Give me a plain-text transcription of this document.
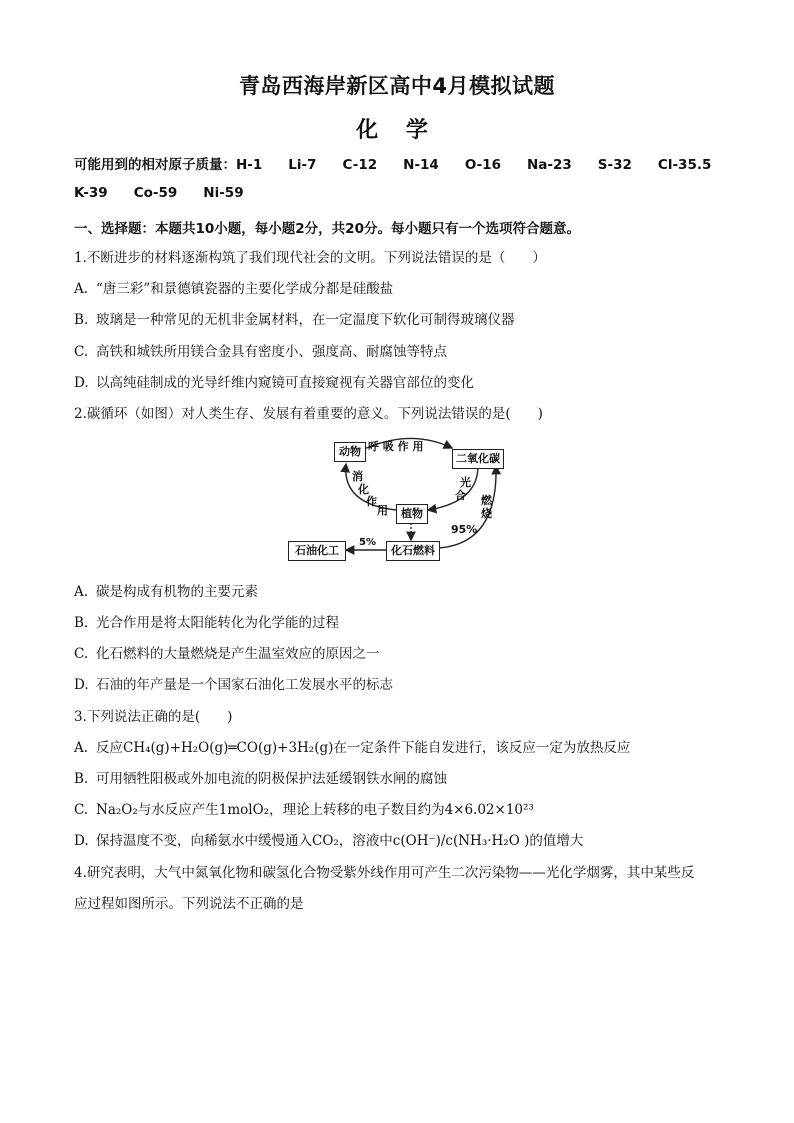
青岛西海岸新区高中4月模拟试题
化 学
可能用到的相对原子质量：H-1 Li-7 C-12 N-14 O-16 Na-23 S-32 Cl-35.5
K-39 Co-59 Ni-59
一、选择题：本题共10小题，每小题2分，共20分。每小题只有一个选项符合题意。
1.不断进步的材料逐渐构筑了我们现代社会的文明。下列说法错误的是（　　）
A. “唐三彩”和景德镇瓷器的主要化学成分都是硅酸盐
B. 玻璃是一种常见的无机非金属材料，在一定温度下软化可制得玻璃仪器
C. 高铁和城铁所用镁合金具有密度小、强度高、耐腐蚀等特点
D. 以高纯硅制成的光导纤维内窥镜可直接窥视有关器官部位的变化
2.碳循环（如图）对人类生存、发展有着重要的意义。下列说法错误的是(　　)
动物
二氧化碳
植物
化石燃料
石油化工
呼 吸 作 用
消
化
作
用
光
合 燃
烧
95%
5%
A. 碳是构成有机物的主要元素
B. 光合作用是将太阳能转化为化学能的过程
C. 化石燃料的大量燃烧是产生温室效应的原因之一
D. 石油的年产量是一个国家石油化工发展水平的标志
3.下列说法正确的是(　　)
A. 反应CH₄(g)+H₂O(g)═CO(g)+3H₂(g)在一定条件下能自发进行，该反应一定为放热反应
B. 可用牺牲阳极或外加电流的阴极保护法延缓钢铁水闸的腐蚀
C. Na₂O₂与水反应产生1molO₂，理论上转移的电子数目约为4×6.02×10²³
D. 保持温度不变，向稀氨水中缓慢通入CO₂，溶液中c(OH⁻)/c(NH₃·H₂O )的值增大
4.研究表明，大气中氮氧化物和碳氢化合物受紫外线作用可产生二次污染物——光化学烟雾，其中某些反
应过程如图所示。下列说法不正确的是
